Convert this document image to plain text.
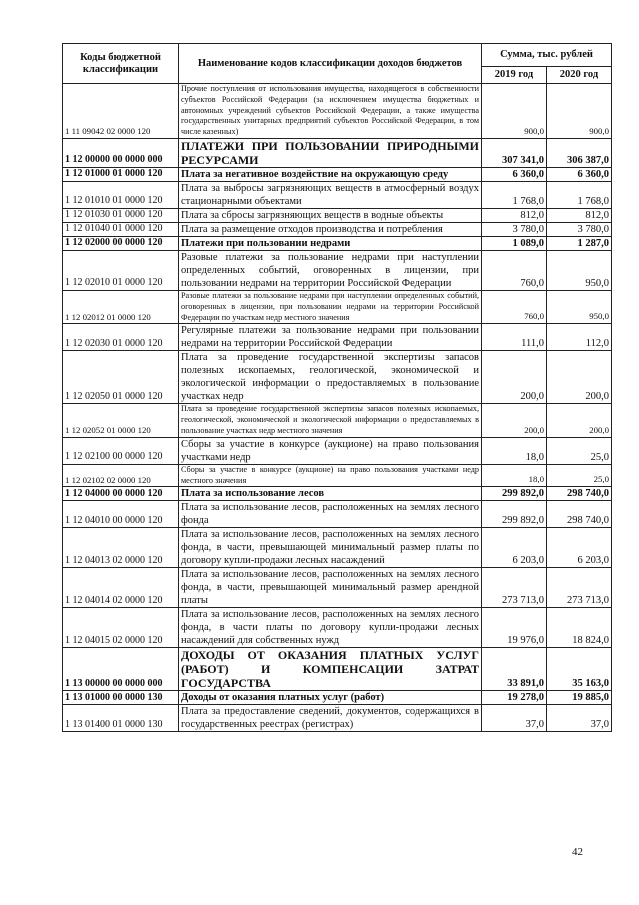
Коды бюджетной классификации	Наименование кодов классификации доходов бюджетов	Сумма, тыс. рублей	
		2019 год	2020 год
1 11 09042 02 0000 120	Прочие поступления от использования имущества, находящегося в собственности субъектов Российской Федерации (за исключением имущества бюджетных и автономных учреждений субъектов Российской Федерации, а также имущества государственных унитарных предприятий субъектов Российской Федерации, в том числе казенных)	900,0	900,0
1 12 00000 00 0000 000	ПЛАТЕЖИ ПРИ ПОЛЬЗОВАНИИ ПРИРОДНЫМИ РЕСУРСАМИ	307 341,0	306 387,0
1 12 01000 01 0000 120	Плата за негативное воздействие на окружающую среду	6 360,0	6 360,0
1 12 01010 01 0000 120	Плата за выбросы загрязняющих веществ в атмосферный воздух стационарными объектами	1 768,0	1 768,0
1 12 01030 01 0000 120	Плата за сбросы загрязняющих веществ в водные объекты	812,0	812,0
1 12 01040 01 0000 120	Плата за размещение отходов производства и потребления	3 780,0	3 780,0
1 12 02000 00 0000 120	Платежи при пользовании недрами	1 089,0	1 287,0
1 12 02010 01 0000 120	Разовые платежи за пользование недрами при наступлении определенных событий, оговоренных в лицензии, при пользовании недрами на территории Российской Федерации	760,0	950,0
1 12 02012 01 0000 120	Разовые платежи за пользование недрами при наступлении определенных событий, оговоренных в лицензии, при пользовании недрами на территории Российской Федерации по участкам недр местного значения	760,0	950,0
1 12 02030 01 0000 120	Регулярные платежи за пользование недрами при пользовании недрами на территории Российской Федерации	111,0	112,0
1 12 02050 01 0000 120	Плата за проведение государственной экспертизы запасов полезных ископаемых, геологической, экономической и экологической информации о предоставляемых в пользование участках недр	200,0	200,0
1 12 02052 01 0000 120	Плата за проведение государственной экспертизы запасов полезных ископаемых, геологической, экономической и экологической информации о предоставляемых в пользование участках недр местного значения	200,0	200,0
1 12 02100 00 0000 120	Сборы за участие в конкурсе (аукционе) на право пользования участками недр	18,0	25,0
1 12 02102 02 0000 120	Сборы за участие в конкурсе (аукционе) на право пользования участками недр местного значения	18,0	25,0
1 12 04000 00 0000 120	Плата за использование лесов	299 892,0	298 740,0
1 12 04010 00 0000 120	Плата за использование лесов, расположенных на землях лесного фонда	299 892,0	298 740,0
1 12 04013 02 0000 120	Плата за использование лесов, расположенных на землях лесного фонда, в части, превышающей минимальный размер платы по договору купли-продажи лесных насаждений	6 203,0	6 203,0
1 12 04014 02 0000 120	Плата за использование лесов, расположенных на землях лесного фонда, в части, превышающей минимальный размер арендной платы	273 713,0	273 713,0
1 12 04015 02 0000 120	Плата за использование лесов, расположенных на землях лесного фонда, в части платы по договору купли-продажи лесных насаждений для собственных нужд	19 976,0	18 824,0
1 13 00000 00 0000 000	ДОХОДЫ ОТ ОКАЗАНИЯ ПЛАТНЫХ УСЛУГ (РАБОТ) И КОМПЕНСАЦИИ ЗАТРАТ ГОСУДАРСТВА	33 891,0	35 163,0
1 13 01000 00 0000 130	Доходы от оказания платных услуг (работ)	19 278,0	19 885,0
1 13 01400 01 0000 130	Плата за предоставление сведений, документов, содержащихся в государственных реестрах (регистрах)	37,0	37,0
42
